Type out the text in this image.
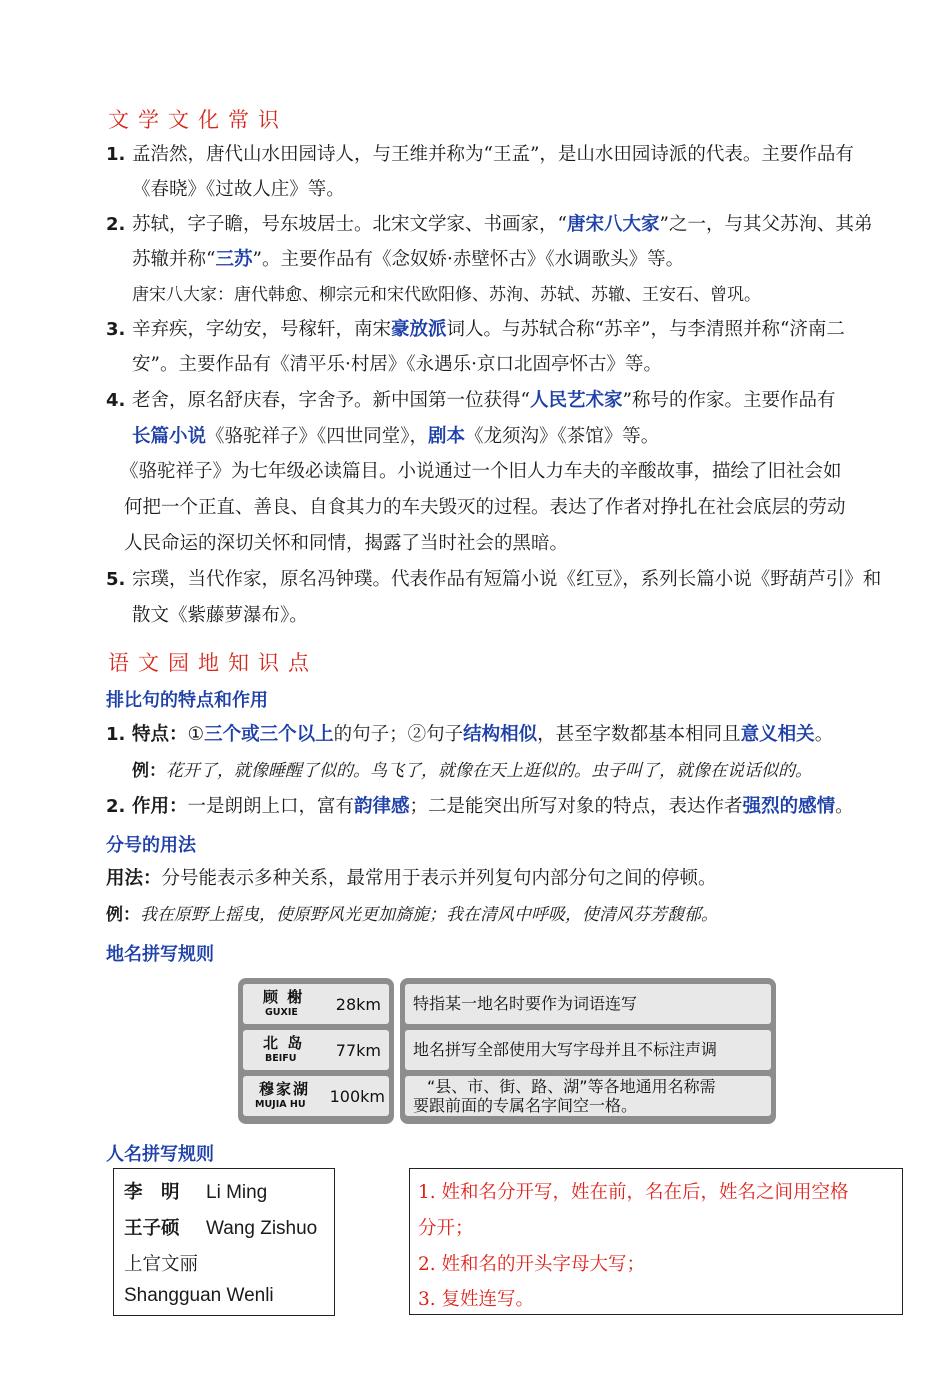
文学文化常识
1. 孟浩然，唐代山水田园诗人，与王维并称为“王孟”，是山水田园诗派的代表。主要作品有
《春晓》《过故人庄》等。
2. 苏轼，字子瞻，号东坡居士。北宋文学家、书画家，“唐宋八大家”之一，与其父苏洵、其弟
苏辙并称“三苏”。主要作品有《念奴娇·赤壁怀古》《水调歌头》等。
唐宋八大家：唐代韩愈、柳宗元和宋代欧阳修、苏洵、苏轼、苏辙、王安石、曾巩。
3. 辛弃疾，字幼安，号稼轩，南宋豪放派词人。与苏轼合称“苏辛”，与李清照并称“济南二
安”。主要作品有《清平乐·村居》《永遇乐·京口北固亭怀古》等。
4. 老舍，原名舒庆春，字舍予。新中国第一位获得“人民艺术家”称号的作家。主要作品有
长篇小说《骆驼祥子》《四世同堂》，剧本《龙须沟》《茶馆》等。
《骆驼祥子》为七年级必读篇目。小说通过一个旧人力车夫的辛酸故事，描绘了旧社会如
何把一个正直、善良、自食其力的车夫毁灭的过程。表达了作者对挣扎在社会底层的劳动
人民命运的深切关怀和同情，揭露了当时社会的黑暗。
5. 宗璞，当代作家，原名冯钟璞。代表作品有短篇小说《红豆》，系列长篇小说《野葫芦引》和
散文《紫藤萝瀑布》。
语文园地知识点
排比句的特点和作用
1. 特点：①三个或三个以上的句子；②句子结构相似，甚至字数都基本相同且意义相关。
例：花开了，就像睡醒了似的。鸟飞了，就像在天上逛似的。虫子叫了，就像在说话似的。
2. 作用：一是朗朗上口，富有韵律感；二是能突出所写对象的特点，表达作者强烈的感情。
分号的用法
用法：分号能表示多种关系，最常用于表示并列复句内部分句之间的停顿。
例：我在原野上摇曳，使原野风光更加旖旎；我在清风中呼吸，使清风芬芳馥郁。
地名拼写规则
顾 榭
GUXIE 28km
北 岛
BEIFU 77km
穆家湖
MUJIA HU 100km
特指某一地名时要作为词语连写
地名拼写全部使用大写字母并且不标注声调
“县、市、街、路、湖”等各地通用名称需
要跟前面的专属名字间空一格。
人名拼写规则
李　明 Li Ming
王子硕 Wang Zishuo
上官文丽
Shangguan Wenli
1. 姓和名分开写，姓在前，名在后，姓名之间用空格
分开；
2. 姓和名的开头字母大写；
3. 复姓连写。
